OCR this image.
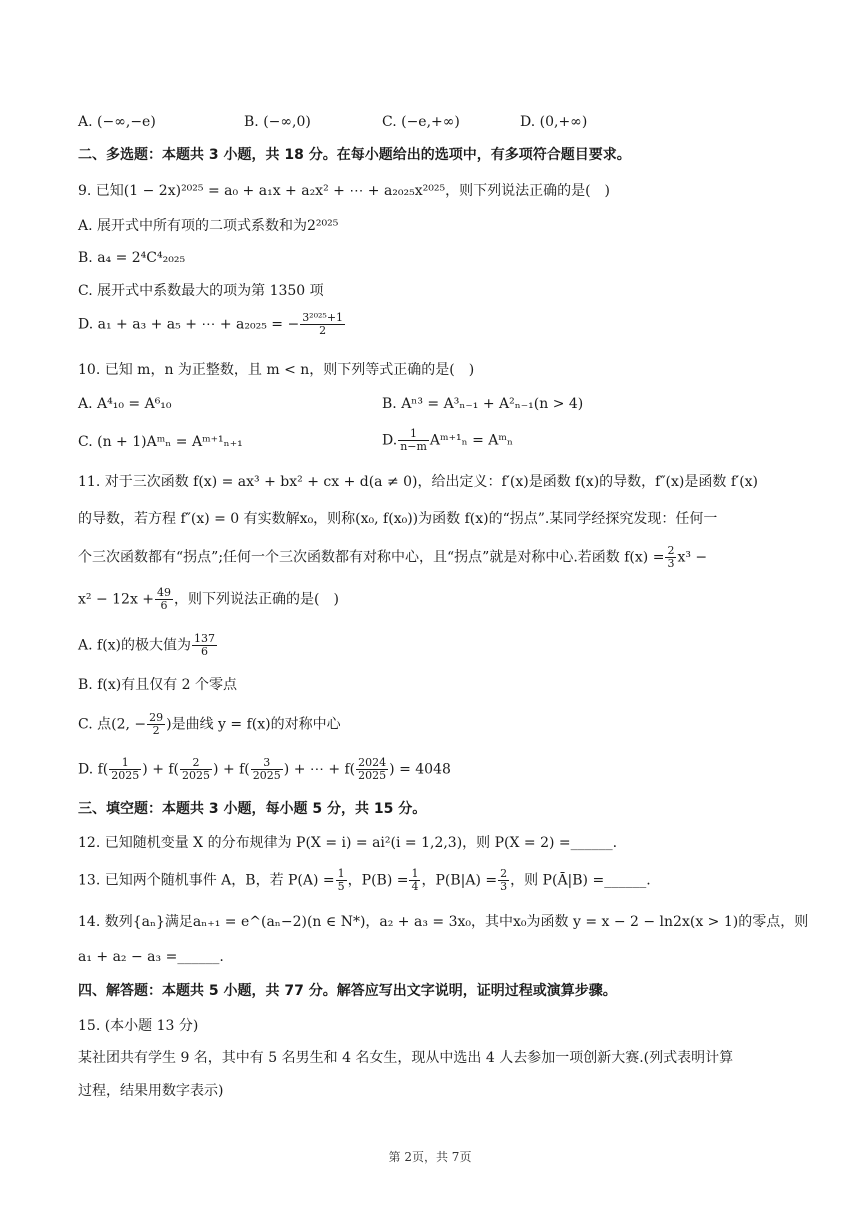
A. (−∞,−e)	B. (−∞,0)	C. (−e,+∞)	D. (0,+∞)
二、多选题：本题共 3 小题，共 18 分。在每小题给出的选项中，有多项符合题目要求。
9. 已知(1 − 2x)²⁰²⁵ = a₀ + a₁x + a₂x² + ⋯ + a₂₀₂₅x²⁰²⁵，则下列说法正确的是(　)
A. 展开式中所有项的二项式系数和为2²⁰²⁵
B. a₄ = 2⁴C⁴₂₀₂₅
C. 展开式中系数最大的项为第 1350 项
D. a₁ + a₃ + a₅ + ⋯ + a₂₀₂₅ = − $\frac{\text{3²⁰²⁵+1}}{2}$
10. 已知 m，n 为正整数，且 m < n，则下列等式正确的是(　)
A. A⁴₁₀ = A⁶₁₀	B. Aⁿ³ = A³ₙ₋₁ + A²ₙ₋₁(n > 4)
C. (n + 1)Aᵐₙ = Aᵐ⁺¹ₙ₊₁	D. $\frac{1}{n-m}$ Aᵐ⁺¹ₙ = Aᵐₙ
11. 对于三次函数 f(x) = ax³ + bx² + cx + d(a ≠ 0)，给出定义：f′(x)是函数 f(x)的导数，f″(x)是函数 f′(x)
的导数，若方程 f″(x) = 0 有实数解x₀，则称(x₀, f(x₀))为函数 f(x)的“拐点”.某同学经探究发现：任何一
个三次函数都有“拐点”;任何一个三次函数都有对称中心，且“拐点”就是对称中心.若函数 $f(x) = \frac{2}{3} x^3$ −
$x^2 - 12x + \frac{49}{6}$ ，则下列说法正确的是(　)
A. f(x)的极大值为 $\frac{137}{6}$
B. f(x)有且仅有 2 个零点
C. 点(2, − $\frac{29}{2}$ )是曲线 y = f(x)的对称中心
D. $f( \frac{1}{2025}$ ) + $f( \frac{2}{2025}$ ) + $f( \frac{3}{2025}$ ) + ⋯ + $f( \frac{2024}{2025}$ ) = 4048
三、填空题：本题共 3 小题，每小题 5 分，共 15 分。
12. 已知随机变量 X 的分布规律为 P(X = i) = ai²(i = 1,2,3)，则 P(X = 2) =______.
13. 已知两个随机事件 A，B，若 $P(A) = \frac{1}{5}$ ，$P(B) = \frac{1}{4}$ ，$P(B|A) = \frac{2}{3}$ ，则 P(Ā|B) =______.
14. 数列{aₙ}满足aₙ₊₁ = e^(aₙ−2)(n ∈ N*)，a₂ + a₃ = 3x₀，其中x₀为函数 y = x − 2 − ln2x(x > 1)的零点，则
a₁ + a₂ − a₃ =______.
四、解答题：本题共 5 小题，共 77 分。解答应写出文字说明，证明过程或演算步骤。
15. (本小题 13 分)
某社团共有学生 9 名，其中有 5 名男生和 4 名女生，现从中选出 4 人去参加一项创新大赛.(列式表明计算
过程，结果用数字表示)
第 2页，共 7页
